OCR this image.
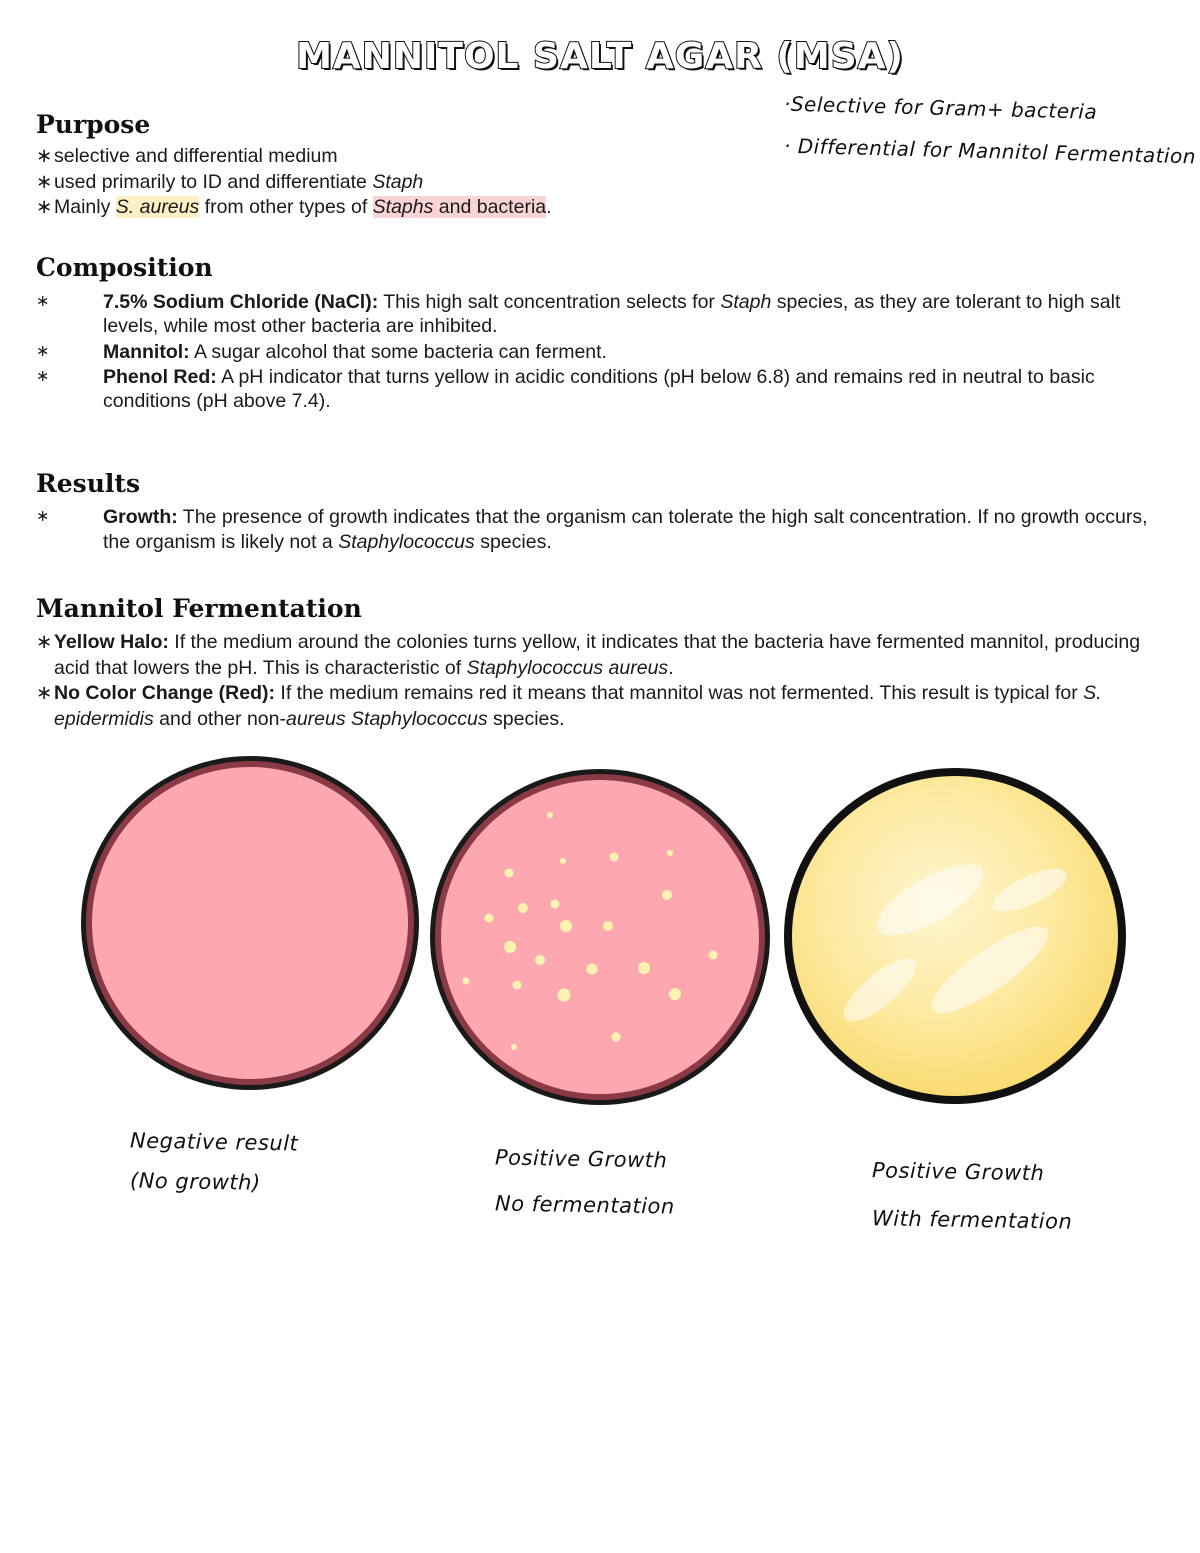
MANNITOL SALT AGAR (MSA)
·Selective for Gram+ bacteria
· Differential for Mannitol Fermentation
Purpose
∗ selective and differential medium
∗ used primarily to ID and differentiate Staph
∗ Mainly S. aureus from other types of Staphs and bacteria.
Composition
∗	7.5% Sodium Chloride (NaCl): This high salt concentration selects for Staph species, as they are tolerant to high salt levels, while most other bacteria are inhibited.
∗	Mannitol: A sugar alcohol that some bacteria can ferment.
∗	Phenol Red: A pH indicator that turns yellow in acidic conditions (pH below 6.8) and remains red in neutral to basic conditions (pH above 7.4).
Results
∗	Growth: The presence of growth indicates that the organism can tolerate the high salt concentration. If no growth occurs, the organism is likely not a Staphylococcus species.
Mannitol Fermentation
∗ Yellow Halo: If the medium around the colonies turns yellow, it indicates that the bacteria have fermented mannitol, producing acid that lowers the pH. This is characteristic of Staphylococcus aureus.
∗ No Color Change (Red): If the medium remains red it means that mannitol was not fermented. This result is typical for S. epidermidis and other non-aureus Staphylococcus species.
Negative result
(No growth)
Positive Growth
No fermentation
Positive Growth
With fermentation
